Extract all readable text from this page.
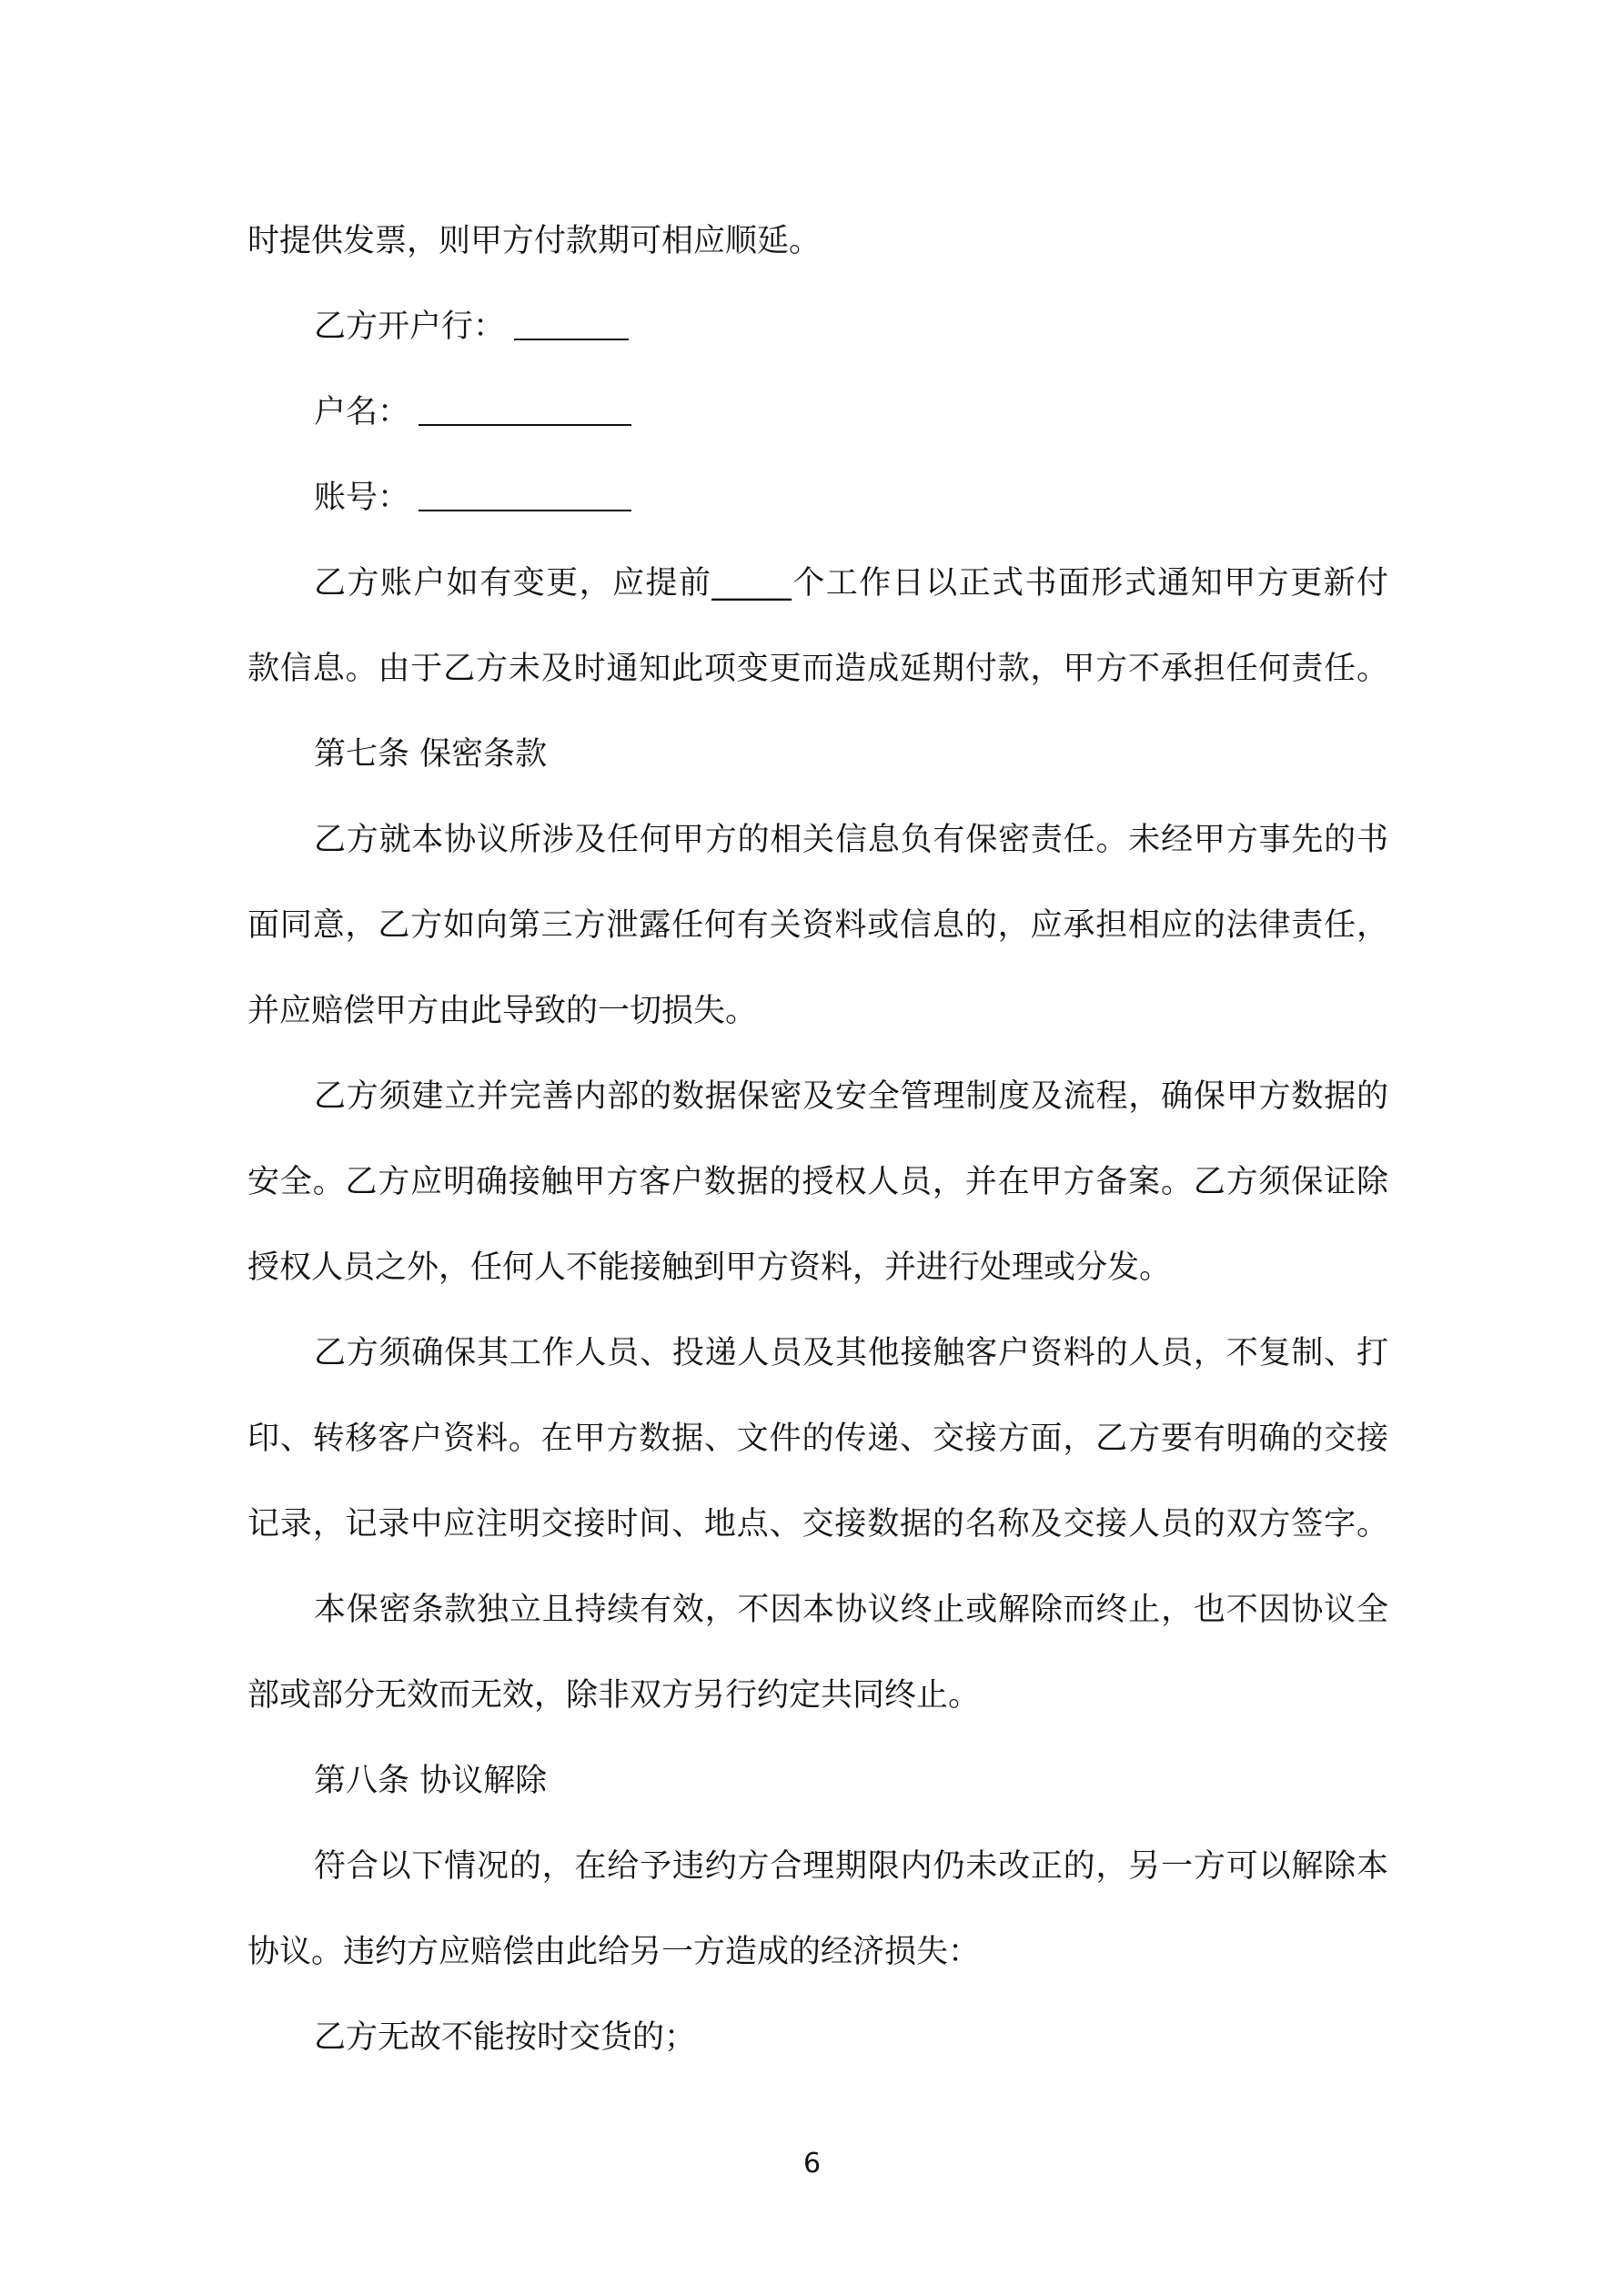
时提供发票，则甲方付款期可相应顺延。
乙方开户行：
户名：
账号：
乙方账户如有变更，应提前_____个工作日以正式书面形式通知甲方更新付
款信息。由于乙方未及时通知此项变更而造成延期付款，甲方不承担任何责任。
第七条 保密条款
乙方就本协议所涉及任何甲方的相关信息负有保密责任。未经甲方事先的书
面同意，乙方如向第三方泄露任何有关资料或信息的，应承担相应的法律责任，
并应赔偿甲方由此导致的一切损失。
乙方须建立并完善内部的数据保密及安全管理制度及流程，确保甲方数据的
安全。乙方应明确接触甲方客户数据的授权人员，并在甲方备案。乙方须保证除
授权人员之外，任何人不能接触到甲方资料，并进行处理或分发。
乙方须确保其工作人员、投递人员及其他接触客户资料的人员，不复制、打
印、转移客户资料。在甲方数据、文件的传递、交接方面，乙方要有明确的交接
记录，记录中应注明交接时间、地点、交接数据的名称及交接人员的双方签字。
本保密条款独立且持续有效，不因本协议终止或解除而终止，也不因协议全
部或部分无效而无效，除非双方另行约定共同终止。
第八条 协议解除
符合以下情况的，在给予违约方合理期限内仍未改正的，另一方可以解除本
协议。违约方应赔偿由此给另一方造成的经济损失：
乙方无故不能按时交货的；
6
